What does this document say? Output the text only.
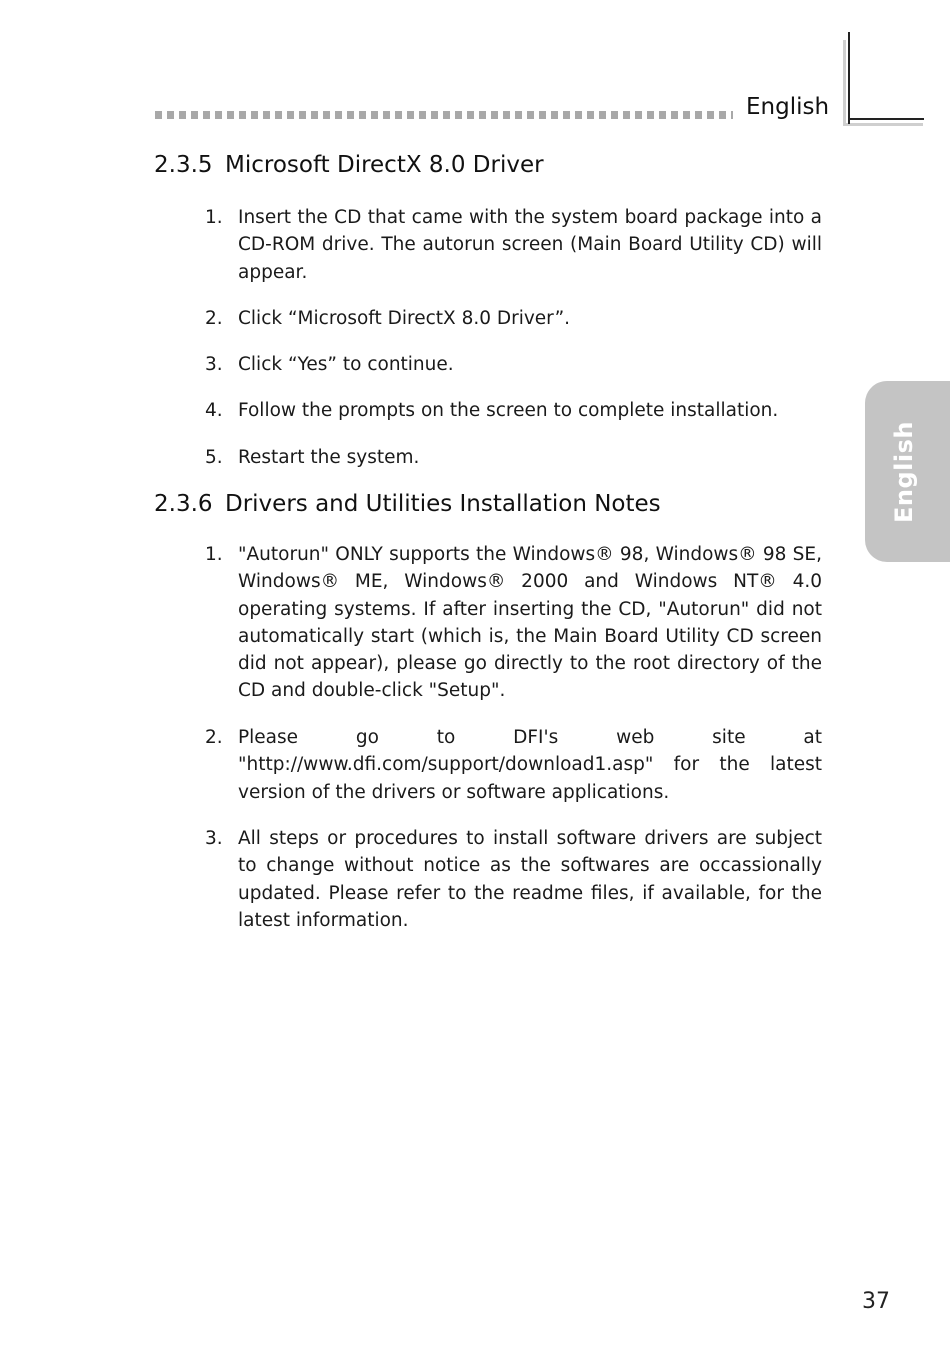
English
English
2.3.5 Microsoft DirectX 8.0 Driver
1. Insert the CD that came with the system board package into a CD-ROM drive. The autorun screen (Main Board Utility CD) will appear.
2. Click “Microsoft DirectX 8.0 Driver”.
3. Click “Yes” to continue.
4. Follow the prompts on the screen to complete installation.
5. Restart the system.
2.3.6 Drivers and Utilities Installation Notes
1. "Autorun" ONLY supports the Windows® 98, Windows® 98 SE, Windows® ME, Windows® 2000 and Windows NT® 4.0 operating systems. If after inserting the CD, "Autorun" did not automatically start (which is, the Main Board Utility CD screen did not appear), please go directly to the root directory of the CD and double-click "Setup".
2. Please go to DFI's web site at "http://www.dfi.com/support/download1.asp" for the latest version of the drivers or software applications.
3. All steps or procedures to install software drivers are subject to change without notice as the softwares are occassionally updated. Please refer to the readme files, if available, for the latest information.
37
